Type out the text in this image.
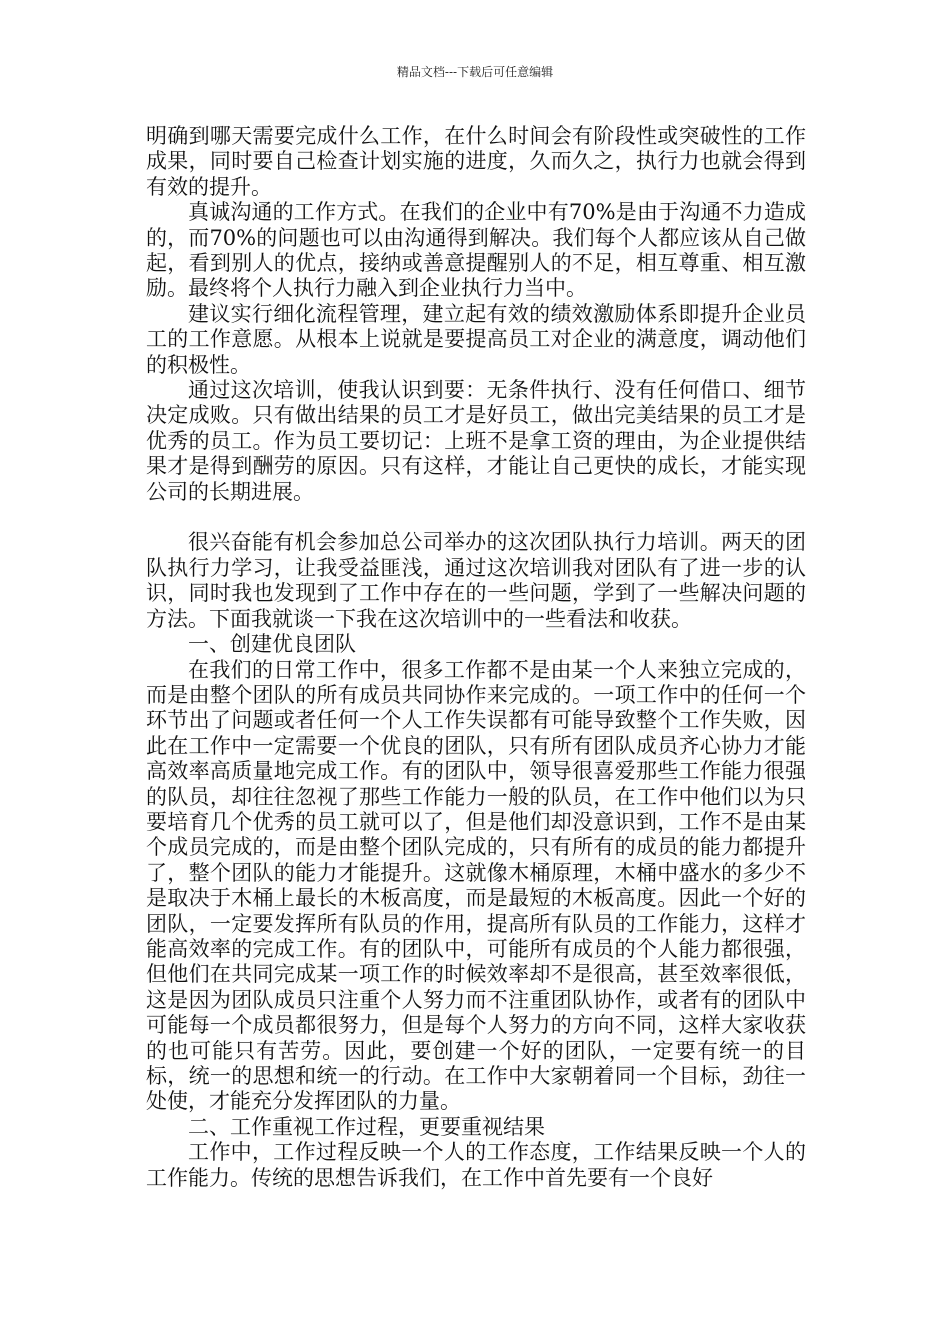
精品文档---下载后可任意编辑

明确到哪天需要完成什么工作，在什么时间会有阶段性或突破性的工作成果，同时要自己检查计划实施的进度，久而久之，执行力也就会得到有效的提升。

真诚沟通的工作方式。在我们的企业中有70%是由于沟通不力造成的，而70%的问题也可以由沟通得到解决。我们每个人都应该从自己做起，看到别人的优点，接纳或善意提醒别人的不足，相互尊重、相互激励。最终将个人执行力融入到企业执行力当中。

建议实行细化流程管理，建立起有效的绩效激励体系即提升企业员工的工作意愿。从根本上说就是要提高员工对企业的满意度，调动他们的积极性。

通过这次培训，使我认识到要：无条件执行、没有任何借口、细节决定成败。只有做出结果的员工才是好员工，做出完美结果的员工才是优秀的员工。作为员工要切记：上班不是拿工资的理由，为企业提供结果才是得到酬劳的原因。只有这样，才能让自己更快的成长，才能实现公司的长期进展。

很兴奋能有机会参加总公司举办的这次团队执行力培训。两天的团队执行力学习，让我受益匪浅，通过这次培训我对团队有了进一步的认识，同时我也发现到了工作中存在的一些问题，学到了一些解决问题的方法。下面我就谈一下我在这次培训中的一些看法和收获。

一、创建优良团队

在我们的日常工作中，很多工作都不是由某一个人来独立完成的，而是由整个团队的所有成员共同协作来完成的。一项工作中的任何一个环节出了问题或者任何一个人工作失误都有可能导致整个工作失败，因此在工作中一定需要一个优良的团队，只有所有团队成员齐心协力才能高效率高质量地完成工作。有的团队中，领导很喜爱那些工作能力很强的队员，却往往忽视了那些工作能力一般的队员，在工作中他们以为只要培育几个优秀的员工就可以了，但是他们却没意识到，工作不是由某个成员完成的，而是由整个团队完成的，只有所有的成员的能力都提升了，整个团队的能力才能提升。这就像木桶原理，木桶中盛水的多少不是取决于木桶上最长的木板高度，而是最短的木板高度。因此一个好的团队，一定要发挥所有队员的作用，提高所有队员的工作能力，这样才能高效率的完成工作。有的团队中，可能所有成员的个人能力都很强，但他们在共同完成某一项工作的时候效率却不是很高，甚至效率很低，这是因为团队成员只注重个人努力而不注重团队协作，或者有的团队中可能每一个成员都很努力，但是每个人努力的方向不同，这样大家收获的也可能只有苦劳。因此，要创建一个好的团队，一定要有统一的目标，统一的思想和统一的行动。在工作中大家朝着同一个目标，劲往一处使，才能充分发挥团队的力量。

二、工作重视工作过程，更要重视结果

工作中，工作过程反映一个人的工作态度，工作结果反映一个人的工作能力。传统的思想告诉我们，在工作中首先要有一个良好
